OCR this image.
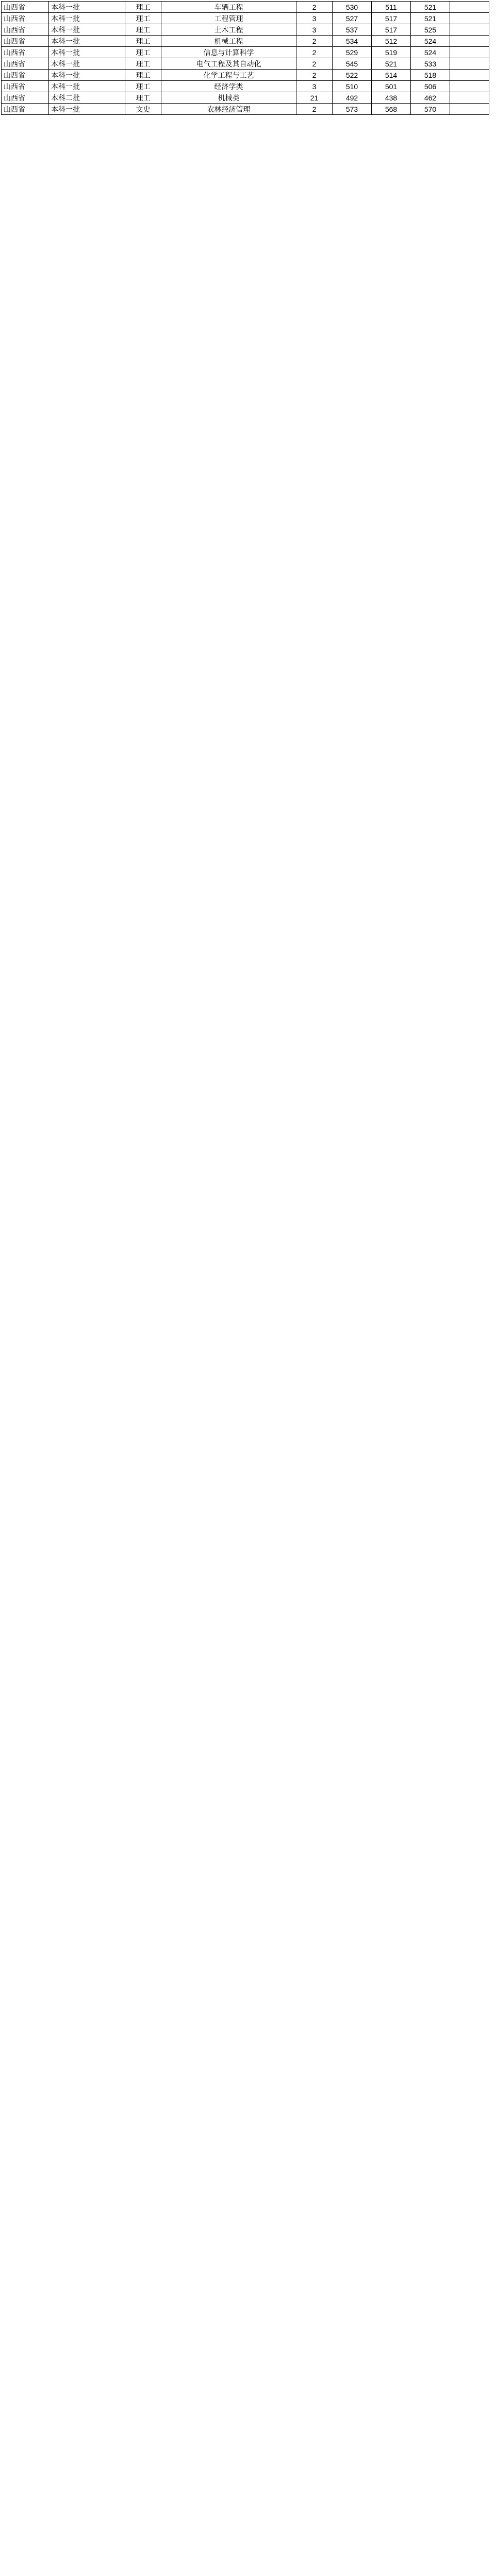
山西省	本科一批	理工	车辆工程	2	530	511	521	
山西省	本科一批	理工	工程管理	3	527	517	521	
山西省	本科一批	理工	土木工程	3	537	517	525	
山西省	本科一批	理工	机械工程	2	534	512	524	
山西省	本科一批	理工	信息与计算科学	2	529	519	524	
山西省	本科一批	理工	电气工程及其自动化	2	545	521	533	
山西省	本科一批	理工	化学工程与工艺	2	522	514	518	
山西省	本科一批	理工	经济学类	3	510	501	506	
山西省	本科二批	理工	机械类	21	492	438	462	
山西省	本科一批	文史	农林经济管理	2	573	568	570	
